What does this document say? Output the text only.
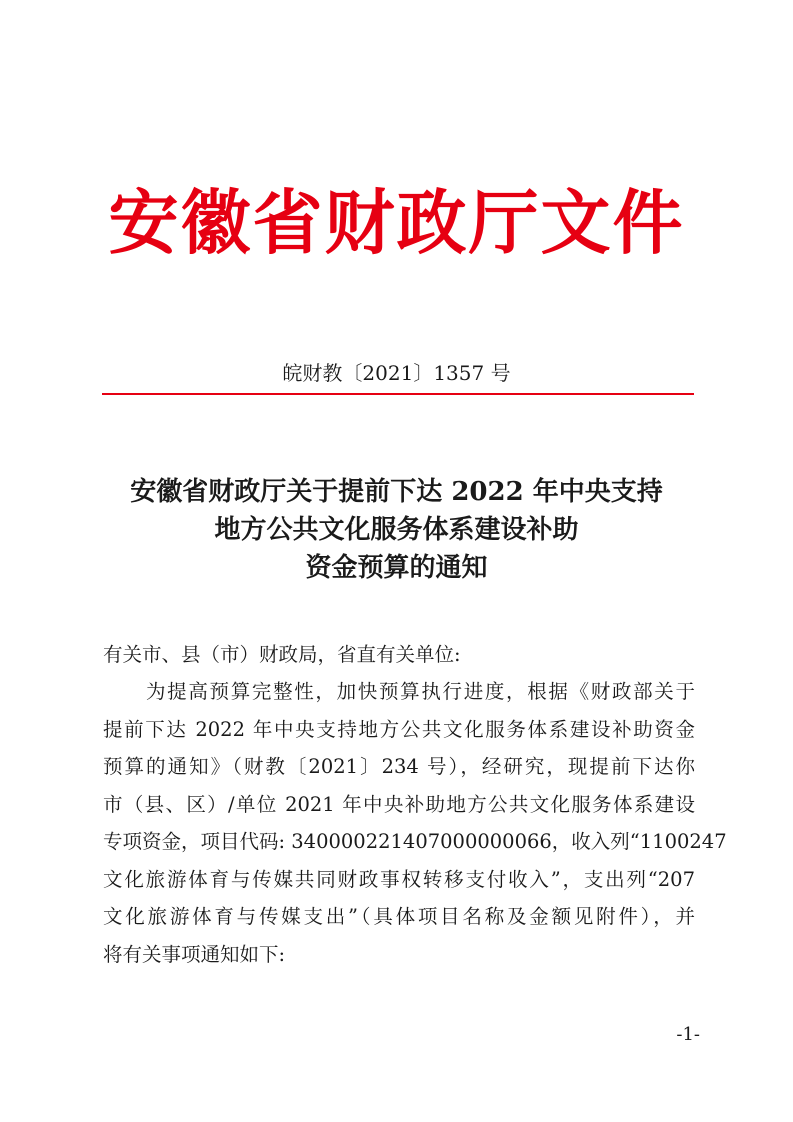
安徽省财政厅文件
皖财教〔2021〕1357 号
安徽省财政厅关于提前下达 2022 年中央支持
地方公共文化服务体系建设补助
资金预算的通知
有关市、县（市）财政局，省直有关单位:
为提高预算完整性，加快预算执行进度，根据《财政部关于
提前下达 2022 年中央支持地方公共文化服务体系建设补助资金
预算的通知》（财教〔2021〕234 号），经研究，现提前下达你
市（县、区）/单位 2021 年中央补助地方公共文化服务体系建设
专项资金，项目代码: 340000221407000000066，收入列“1100247
文化旅游体育与传媒共同财政事权转移支付收入”，支出列“207
文化旅游体育与传媒支出”（具体项目名称及金额见附件），并
将有关事项通知如下:
-1-
